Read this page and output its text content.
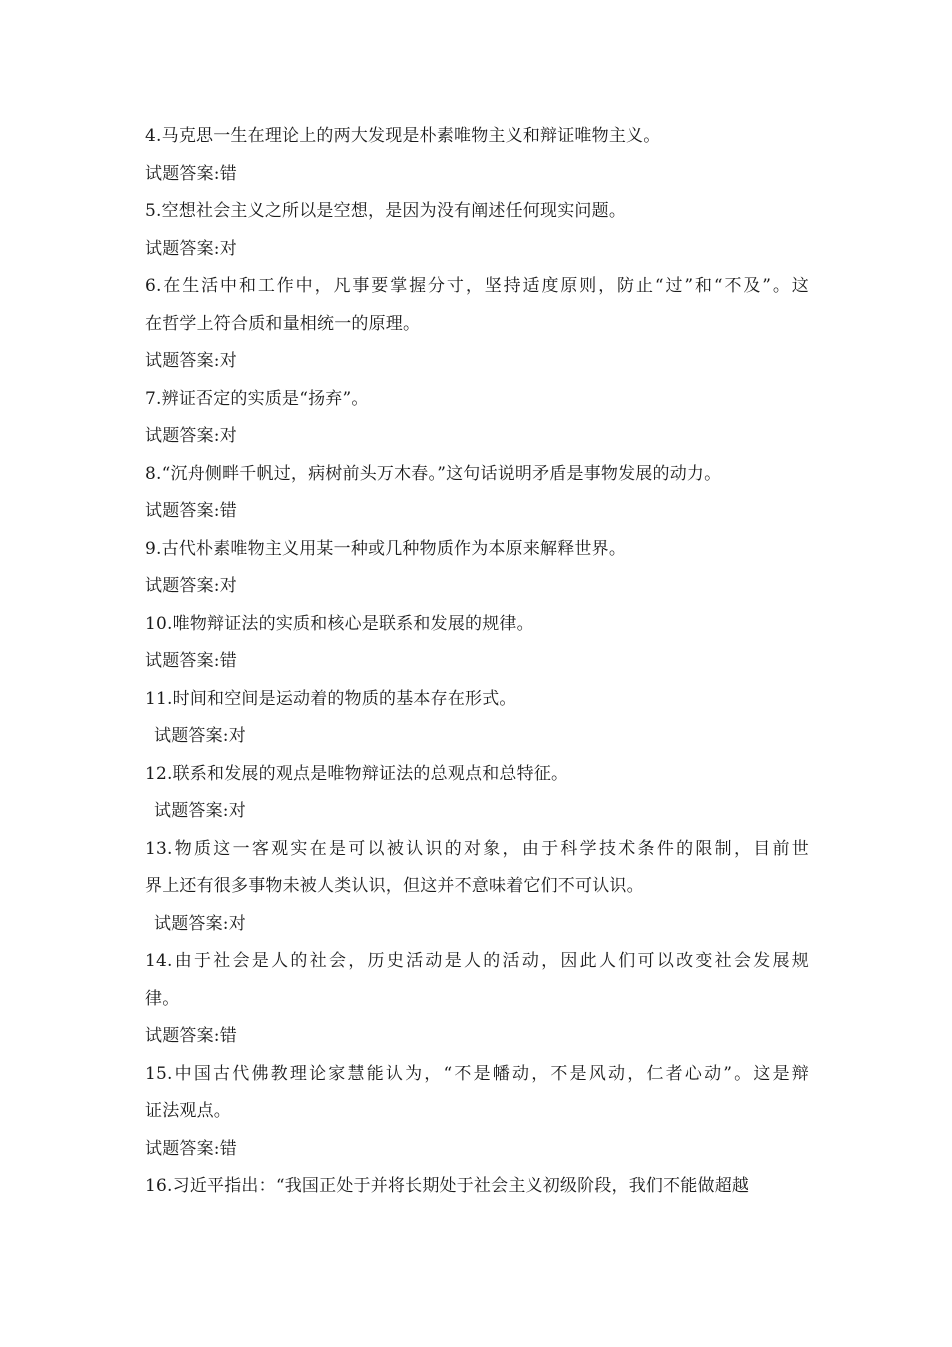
4.马克思一生在理论上的两大发现是朴素唯物主义和辩证唯物主义。
试题答案:错
5.空想社会主义之所以是空想，是因为没有阐述任何现实问题。
试题答案:对
6.在生活中和工作中，凡事要掌握分寸，坚持适度原则，防止“过”和“不及”。这
在哲学上符合质和量相统一的原理。
试题答案:对
7.辨证否定的实质是“扬弃”。
试题答案:对
8.“沉舟侧畔千帆过，病树前头万木春。”这句话说明矛盾是事物发展的动力。
试题答案:错
9.古代朴素唯物主义用某一种或几种物质作为本原来解释世界。
试题答案:对
10.唯物辩证法的实质和核心是联系和发展的规律。
试题答案:错
11.时间和空间是运动着的物质的基本存在形式。
试题答案:对
12.联系和发展的观点是唯物辩证法的总观点和总特征。
试题答案:对
13.物质这一客观实在是可以被认识的对象，由于科学技术条件的限制，目前世
界上还有很多事物未被人类认识，但这并不意味着它们不可认识。
试题答案:对
14.由于社会是人的社会，历史活动是人的活动，因此人们可以改变社会发展规
律。
试题答案:错
15.中国古代佛教理论家慧能认为，“不是幡动，不是风动，仁者心动”。这是辩
证法观点。
试题答案:错
16.习近平指出：“我国正处于并将长期处于社会主义初级阶段，我们不能做超越
